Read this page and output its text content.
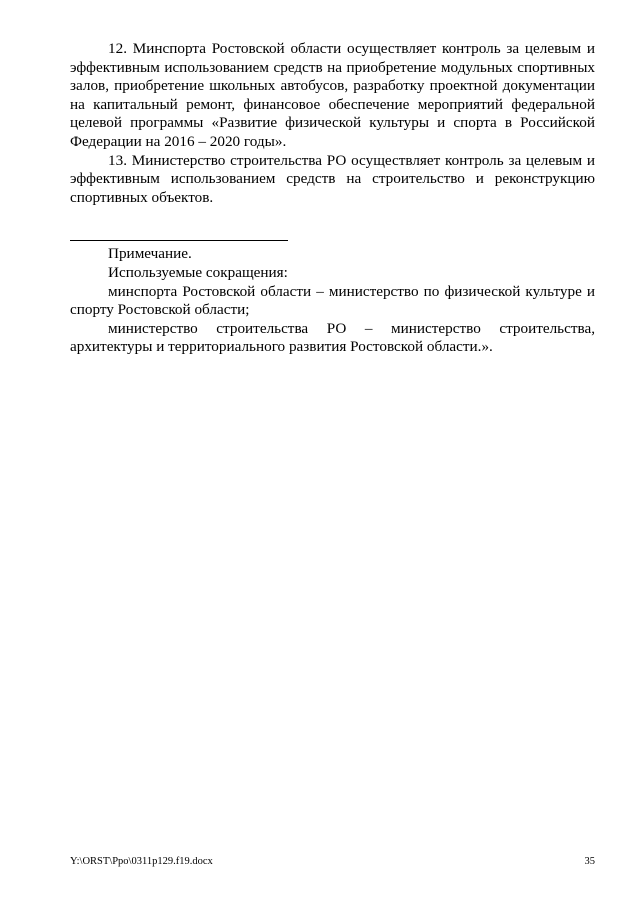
12. Минспорта Ростовской области осуществляет контроль за целевым и эффективным использованием средств на приобретение модульных спортивных залов, приобретение школьных автобусов, разработку проектной документации на капитальный ремонт, финансовое обеспечение мероприятий федеральной целевой программы «Развитие физической культуры и спорта в Российской Федерации на 2016 – 2020 годы».

13. Министерство строительства РО осуществляет контроль за целевым и эффективным использованием средств на строительство и реконструкцию спортивных объектов.

Примечание.

Используемые сокращения:

минспорта Ростовской области – министерство по физической культуре и спорту Ростовской области;

министерство строительства РО – министерство строительства, архитектуры и территориального развития Ростовской области.».

Y:\ORST\Ppo\0311p129.f19.docx	35
